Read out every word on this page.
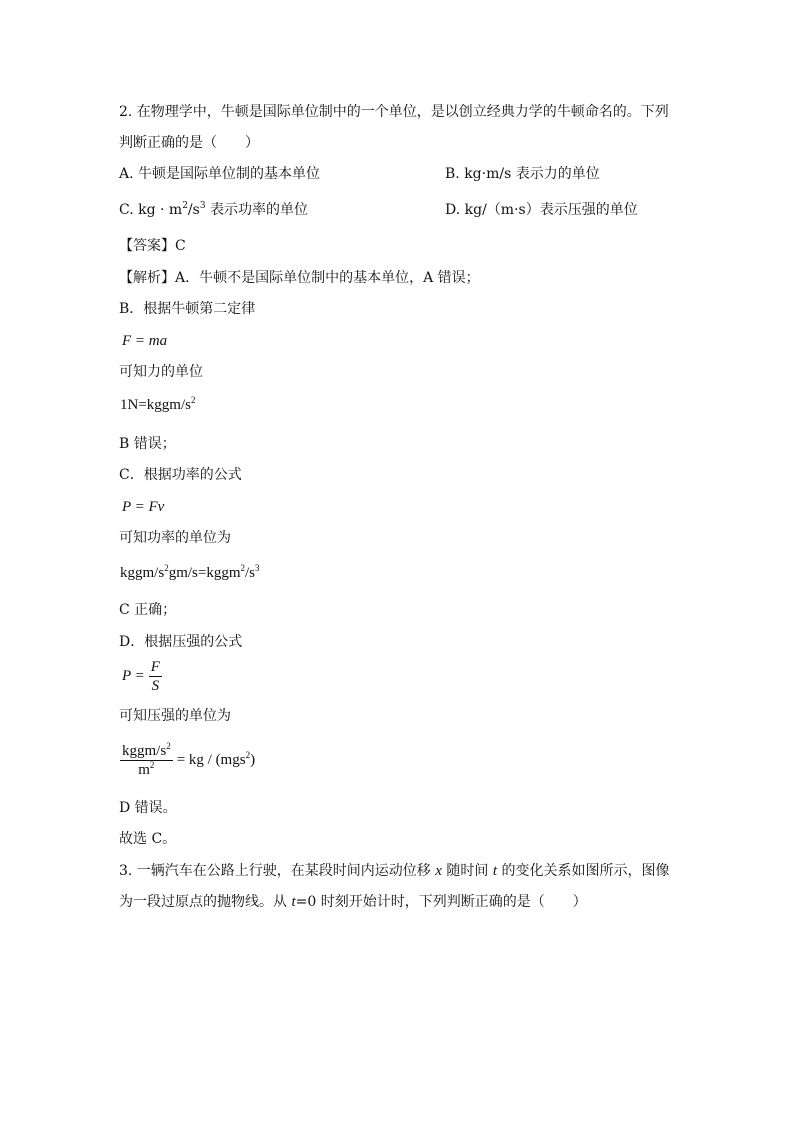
2. 在物理学中，牛顿是国际单位制中的一个单位，是以创立经典力学的牛顿命名的。下列
判断正确的是（　　）
A. 牛顿是国际单位制的基本单位	B. kg·m/s 表示力的单位
C. kg · $m^2/s^3$ 表示功率的单位	D. kg/（m·s）表示压强的单位
【答案】C
【解析】A．牛顿不是国际单位制中的基本单位，A 错误；
B．根据牛顿第二定律
F = ma
可知力的单位
$1N=kggm/s^2$
B 错误；
C．根据功率的公式
P = Fv
可知功率的单位为
kggm/$s^2gm/s=kggm^2/s^3$
C 正确；
D．根据压强的公式
$P = \frac{F}{S}$
可知压强的单位为
$\frac{kggm/s^2}{m^2}$ = kg / (mgs$^2$)
D 错误。
故选 C。
3. 一辆汽车在公路上行驶，在某段时间内运动位移 x 随时间 t 的变化关系如图所示，图像
为一段过原点的抛物线。从 t=0 时刻开始计时，下列判断正确的是（　　）
